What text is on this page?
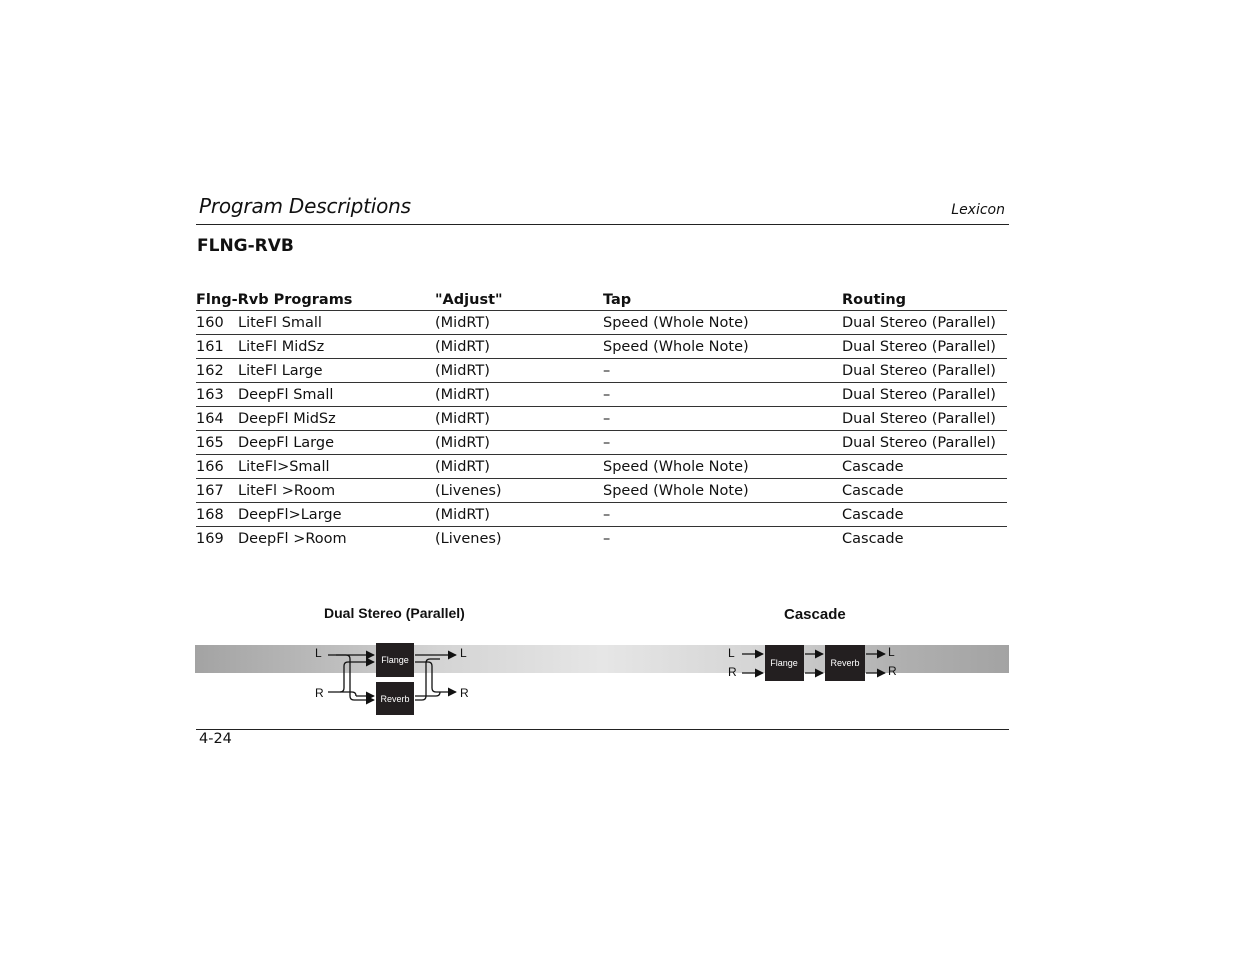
Program Descriptions	Lexicon
FLNG-RVB
Flng-Rvb Programs	"Adjust"	Tap	Routing
160 LiteFl Small	(MidRT)	Speed (Whole Note)	Dual Stereo (Parallel)
161 LiteFl MidSz	(MidRT)	Speed (Whole Note)	Dual Stereo (Parallel)
162 LiteFl Large	(MidRT)	–	Dual Stereo (Parallel)
163 DeepFl Small	(MidRT)	–	Dual Stereo (Parallel)
164 DeepFl MidSz	(MidRT)	–	Dual Stereo (Parallel)
165 DeepFl Large	(MidRT)	–	Dual Stereo (Parallel)
166 LiteFl>Small	(MidRT)	Speed (Whole Note)	Cascade
167 LiteFl >Room	(Livenes)	Speed (Whole Note)	Cascade
168 DeepFl>Large	(MidRT)	–	Cascade
169 DeepFl >Room	(Livenes)	–	Cascade
Dual Stereo (Parallel)	Cascade
L
R
L
R
Flange
Reverb
L
R
L
R
Flange	Reverb
4-24
